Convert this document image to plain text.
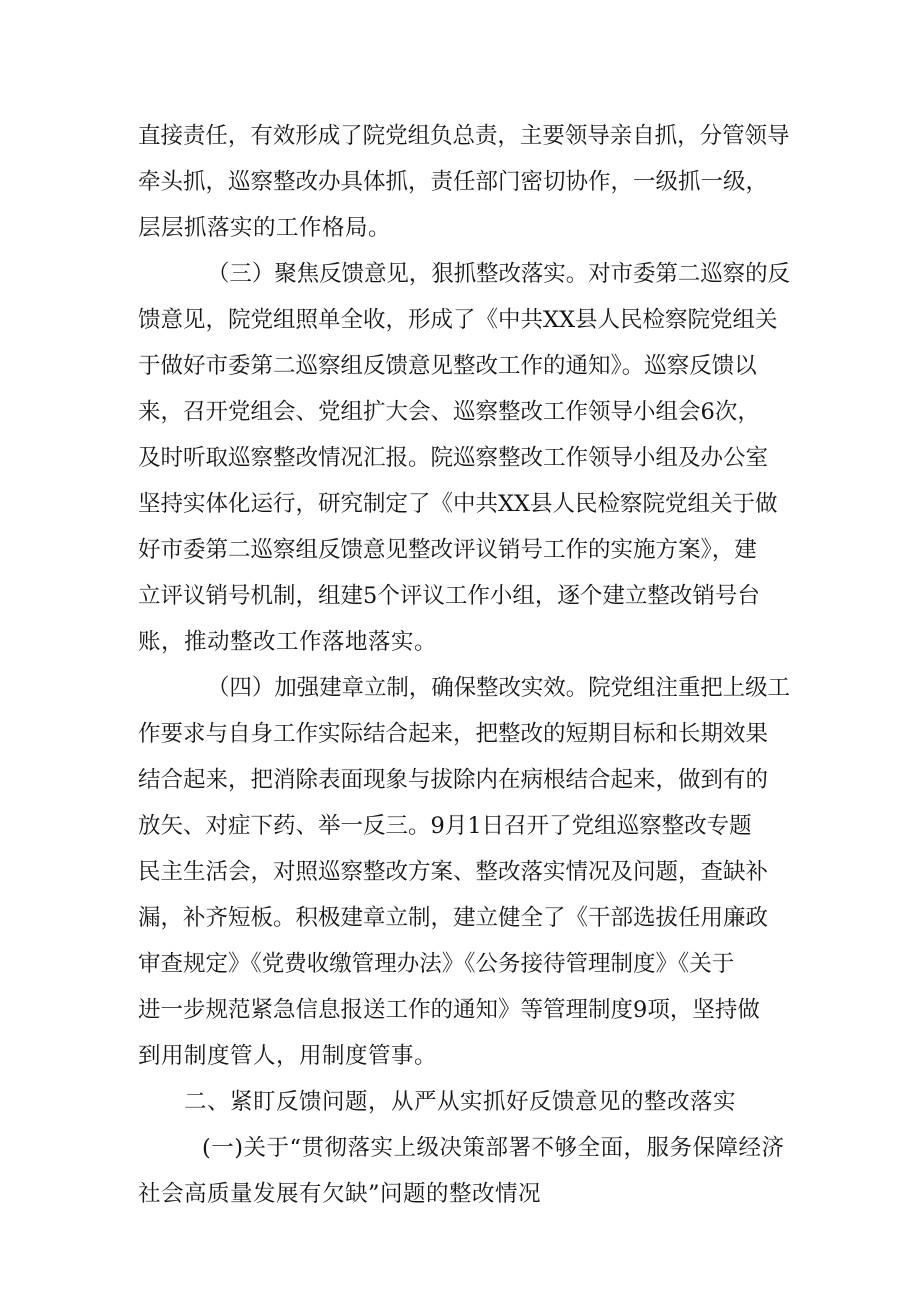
直接责任，有效形成了院党组负总责，主要领导亲自抓，分管领导
牵头抓，巡察整改办具体抓，责任部门密切协作，一级抓一级，
层层抓落实的工作格局。
（三）聚焦反馈意见，狠抓整改落实。对市委第二巡察的反
馈意见，院党组照单全收，形成了《中共XX县人民检察院党组关
于做好市委第二巡察组反馈意见整改工作的通知》。巡察反馈以
来，召开党组会、党组扩大会、巡察整改工作领导小组会6次，
及时听取巡察整改情况汇报。院巡察整改工作领导小组及办公室
坚持实体化运行，研究制定了《中共XX县人民检察院党组关于做
好市委第二巡察组反馈意见整改评议销号工作的实施方案》，建
立评议销号机制，组建5个评议工作小组，逐个建立整改销号台
账，推动整改工作落地落实。
（四）加强建章立制，确保整改实效。院党组注重把上级工
作要求与自身工作实际结合起来，把整改的短期目标和长期效果
结合起来，把消除表面现象与拔除内在病根结合起来，做到有的
放矢、对症下药、举一反三。9月1日召开了党组巡察整改专题
民主生活会，对照巡察整改方案、整改落实情况及问题，查缺补
漏，补齐短板。积极建章立制，建立健全了《干部选拔任用廉政
审查规定》《党费收缴管理办法》《公务接待管理制度》《关于
进一步规范紧急信息报送工作的通知》等管理制度9项，坚持做
到用制度管人，用制度管事。
二、紧盯反馈问题，从严从实抓好反馈意见的整改落实
(一)关于“贯彻落实上级决策部署不够全面，服务保障经济
社会高质量发展有欠缺”问题的整改情况
